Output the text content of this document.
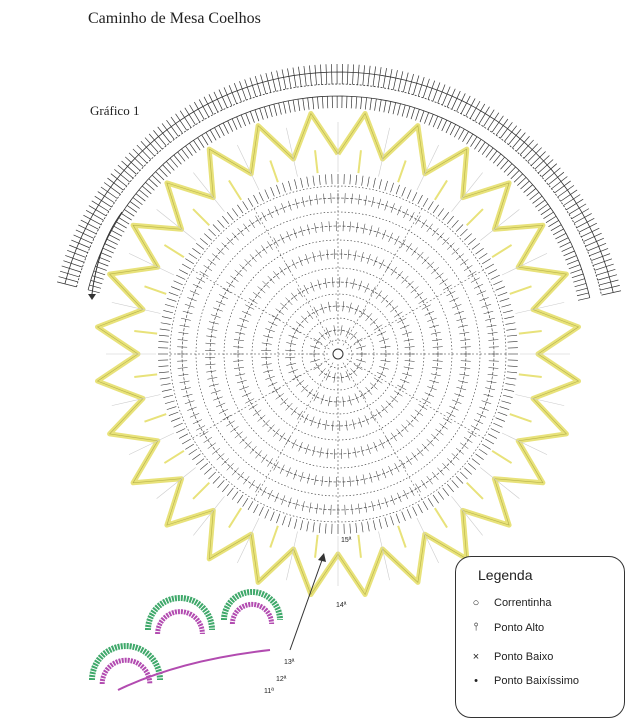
Caminho de Mesa Coelhos
Gráfico 1
15ª
14ª
13ª
12ª
11ª
Legenda
○	Correntinha
⫯	Ponto Alto
×	Ponto Baixo
•	Ponto Baixíssimo
